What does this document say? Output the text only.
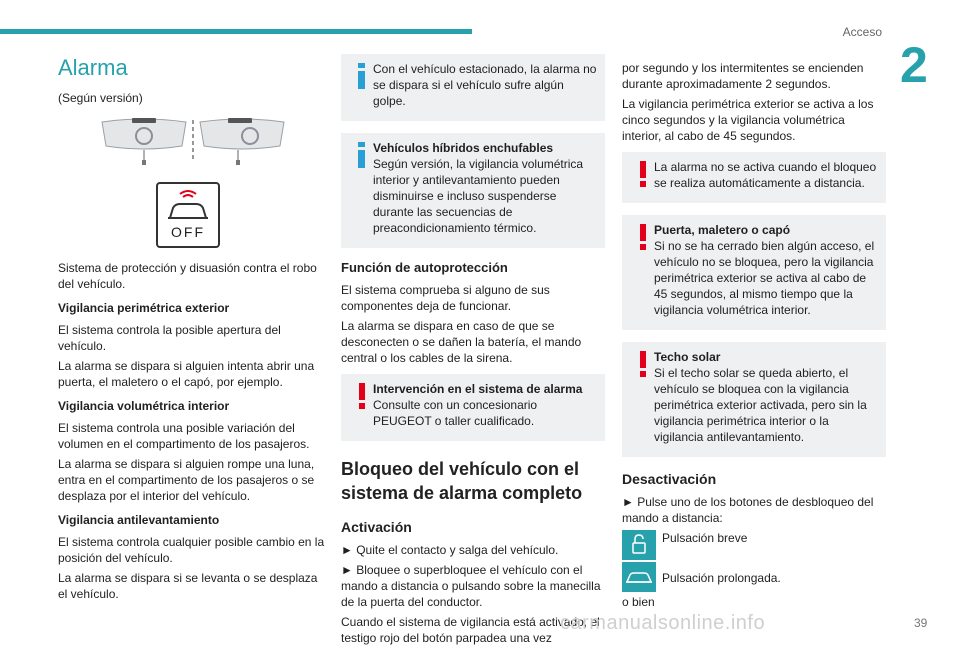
Acceso
2
Alarma

(Según versión)

OFF

Sistema de protección y disuasión contra el robo del vehículo.

Vigilancia perimétrica exterior

El sistema controla la posible apertura del vehículo.

La alarma se dispara si alguien intenta abrir una puerta, el maletero o el capó, por ejemplo.

Vigilancia volumétrica interior

El sistema controla una posible variación del volumen en el compartimento de los pasajeros.

La alarma se dispara si alguien rompe una luna, entra en el compartimento de los pasajeros o se desplaza por el interior del vehículo.

Vigilancia antilevantamiento

El sistema controla cualquier posible cambio en la posición del vehículo.

La alarma se dispara si se levanta o se desplaza el vehículo.

Con el vehículo estacionado, la alarma no se dispara si el vehículo sufre algún golpe.

Vehículos híbridos enchufables

Según versión, la vigilancia volumétrica interior y antilevantamiento pueden disminuirse e incluso suspenderse durante las secuencias de preacondicionamiento térmico.

Función de autoprotección

El sistema comprueba si alguno de sus componentes deja de funcionar.

La alarma se dispara en caso de que se desconecten o se dañen la batería, el mando central o los cables de la sirena.

Intervención en el sistema de alarma

Consulte con un concesionario PEUGEOT o taller cualificado.

Bloqueo del vehículo con el sistema de alarma completo
Activación

► Quite el contacto y salga del vehículo.

► Bloquee o superbloquee el vehículo con el mando a distancia o pulsando sobre la manecilla de la puerta del conductor.

Cuando el sistema de vigilancia está activado, el testigo rojo del botón parpadea una vez

por segundo y los intermitentes se encienden durante aproximadamente 2 segundos.

La vigilancia perimétrica exterior se activa a los cinco segundos y la vigilancia volumétrica interior, al cabo de 45 segundos.

La alarma no se activa cuando el bloqueo se realiza automáticamente a distancia.

Puerta, maletero o capó

Si no se ha cerrado bien algún acceso, el vehículo no se bloquea, pero la vigilancia perimétrica exterior se activa al cabo de 45 segundos, al mismo tiempo que la vigilancia volumétrica interior.

Techo solar

Si el techo solar se queda abierto, el vehículo se bloquea con la vigilancia perimétrica exterior activada, pero sin la vigilancia perimétrica interior o la vigilancia antilevantamiento.

Desactivación

► Pulse uno de los botones de desbloqueo del mando a distancia:

Pulsación breve
Pulsación prolongada.

o bien

carmanualsonline.info	39
